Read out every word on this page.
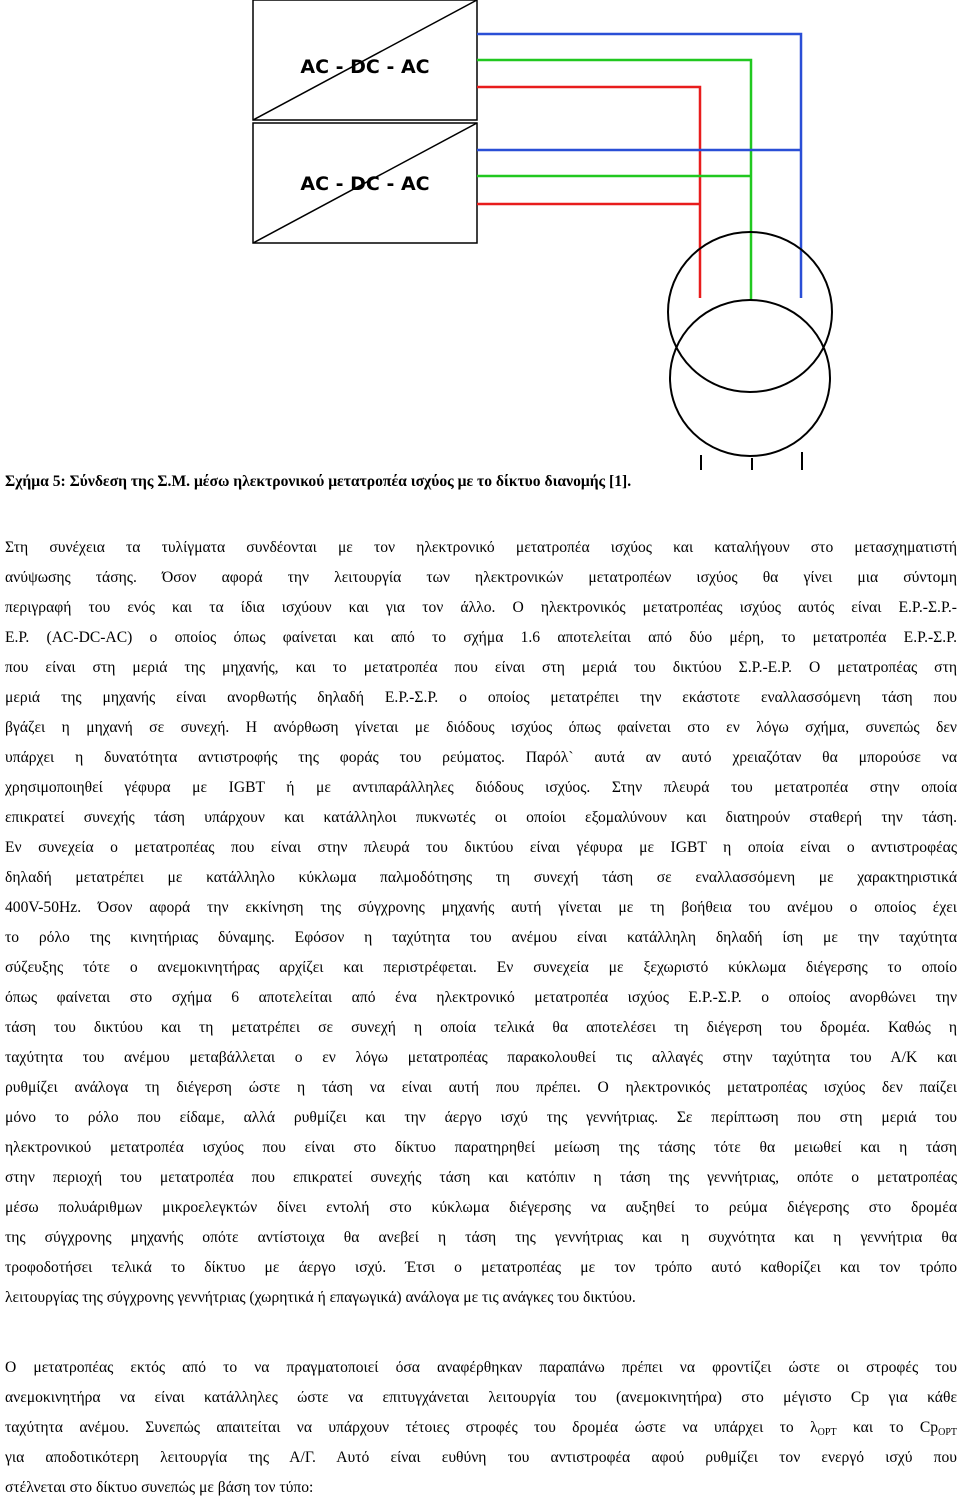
AC - DC - AC
AC - DC - AC
Σχήμα 5: Σύνδεση της Σ.Μ. μέσω ηλεκτρονικού μετατροπέα ισχύος με το δίκτυο διανομής [1].
Στη συνέχεια τα τυλίγματα συνδέονται με τον ηλεκτρονικό μετατροπέα ισχύος και καταλήγουν στο μετασχηματιστή
ανύψωσης τάσης. Όσον αφορά την λειτουργία των ηλεκτρονικών μετατροπέων ισχύος θα γίνει μια σύντομη
περιγραφή του ενός και τα ίδια ισχύουν και για τον άλλο. Ο ηλεκτρονικός μετατροπέας ισχύος αυτός είναι Ε.Ρ.-Σ.Ρ.-
Ε.Ρ. (AC-DC-AC) ο οποίος όπως φαίνεται και από το σχήμα 1.6 αποτελείται από δύο μέρη, το μετατροπέα Ε.Ρ.-Σ.Ρ.
που είναι στη μεριά της μηχανής, και το μετατροπέα που είναι στη μεριά του δικτύου Σ.Ρ.-Ε.Ρ. Ο μετατροπέας στη
μεριά της μηχανής είναι ανορθωτής δηλαδή Ε.Ρ.-Σ.Ρ. ο οποίος μετατρέπει την εκάστοτε εναλλασσόμενη τάση που
βγάζει η μηχανή σε συνεχή. Η ανόρθωση γίνεται με διόδους ισχύος όπως φαίνεται στο εν λόγω σχήμα, συνεπώς δεν
υπάρχει η δυνατότητα αντιστροφής της φοράς του ρεύματος. Παρόλ` αυτά αν αυτό χρειαζόταν θα μπορούσε να
χρησιμοποιηθεί γέφυρα με IGBT ή με αντιπαράλληλες διόδους ισχύος. Στην πλευρά του μετατροπέα στην οποία
επικρατεί συνεχής τάση υπάρχουν και κατάλληλοι πυκνωτές οι οποίοι εξομαλύνουν και διατηρούν σταθερή την τάση.
Εν συνεχεία ο μετατροπέας που είναι στην πλευρά του δικτύου είναι γέφυρα με IGBT η οποία είναι ο αντιστροφέας
δηλαδή μετατρέπει με κατάλληλο κύκλωμα παλμοδότησης τη συνεχή τάση σε εναλλασσόμενη με χαρακτηριστικά
400V-50Hz. Όσον αφορά την εκκίνηση της σύγχρονης μηχανής αυτή γίνεται με τη βοήθεια του ανέμου ο οποίος έχει
το ρόλο της κινητήριας δύναμης. Εφόσον η ταχύτητα του ανέμου είναι κατάλληλη δηλαδή ίση με την ταχύτητα
σύζευξης τότε ο ανεμοκινητήρας αρχίζει και περιστρέφεται. Εν συνεχεία με ξεχωριστό κύκλωμα διέγερσης το οποίο
όπως φαίνεται στο σχήμα 6 αποτελείται από ένα ηλεκτρονικό μετατροπέα ισχύος Ε.Ρ.-Σ.Ρ. ο οποίος ανορθώνει την
τάση του δικτύου και τη μετατρέπει σε συνεχή η οποία τελικά θα αποτελέσει τη διέγερση του δρομέα. Καθώς η
ταχύτητα του ανέμου μεταβάλλεται ο εν λόγω μετατροπέας παρακολουθεί τις αλλαγές στην ταχύτητα του Α/Κ και
ρυθμίζει ανάλογα τη διέγερση ώστε η τάση να είναι αυτή που πρέπει. Ο ηλεκτρονικός μετατροπέας ισχύος δεν παίζει
μόνο το ρόλο που είδαμε, αλλά ρυθμίζει και την άεργο ισχύ της γεννήτριας. Σε περίπτωση που στη μεριά του
ηλεκτρονικού μετατροπέα ισχύος που είναι στο δίκτυο παρατηρηθεί μείωση της τάσης τότε θα μειωθεί και η τάση
στην περιοχή του μετατροπέα που επικρατεί συνεχής τάση και κατόπιν η τάση της γεννήτριας, οπότε ο μετατροπέας
μέσω πολυάριθμων μικροελεγκτών δίνει εντολή στο κύκλωμα διέγερσης να αυξηθεί το ρεύμα διέγερσης στο δρομέα
της σύγχρονης μηχανής οπότε αντίστοιχα θα ανεβεί η τάση της γεννήτριας και η συχνότητα και η γεννήτρια θα
τροφοδοτήσει τελικά το δίκτυο με άεργο ισχύ. Έτσι ο μετατροπέας με τον τρόπο αυτό καθορίζει και τον τρόπο
λειτουργίας της σύγχρονης γεννήτριας (χωρητικά ή επαγωγικά) ανάλογα με τις ανάγκες του δικτύου.
Ο μετατροπέας εκτός από το να πραγματοποιεί όσα αναφέρθηκαν παραπάνω πρέπει να φροντίζει ώστε οι στροφές του
ανεμοκινητήρα να είναι κατάλληλες ώστε να επιτυγχάνεται λειτουργία του (ανεμοκινητήρα) στο μέγιστο Cp για κάθε
ταχύτητα ανέμου. Συνεπώς απαιτείται να υπάρχουν τέτοιες στροφές του δρομέα ώστε να υπάρχει το $\lambda_{OPT}$ και το $Cp_{OPT}$
για αποδοτικότερη λειτουργία της Α/Γ. Αυτό είναι ευθύνη του αντιστροφέα αφού ρυθμίζει τον ενεργό ισχύ που
στέλνεται στο δίκτυο συνεπώς με βάση τον τύπο:
